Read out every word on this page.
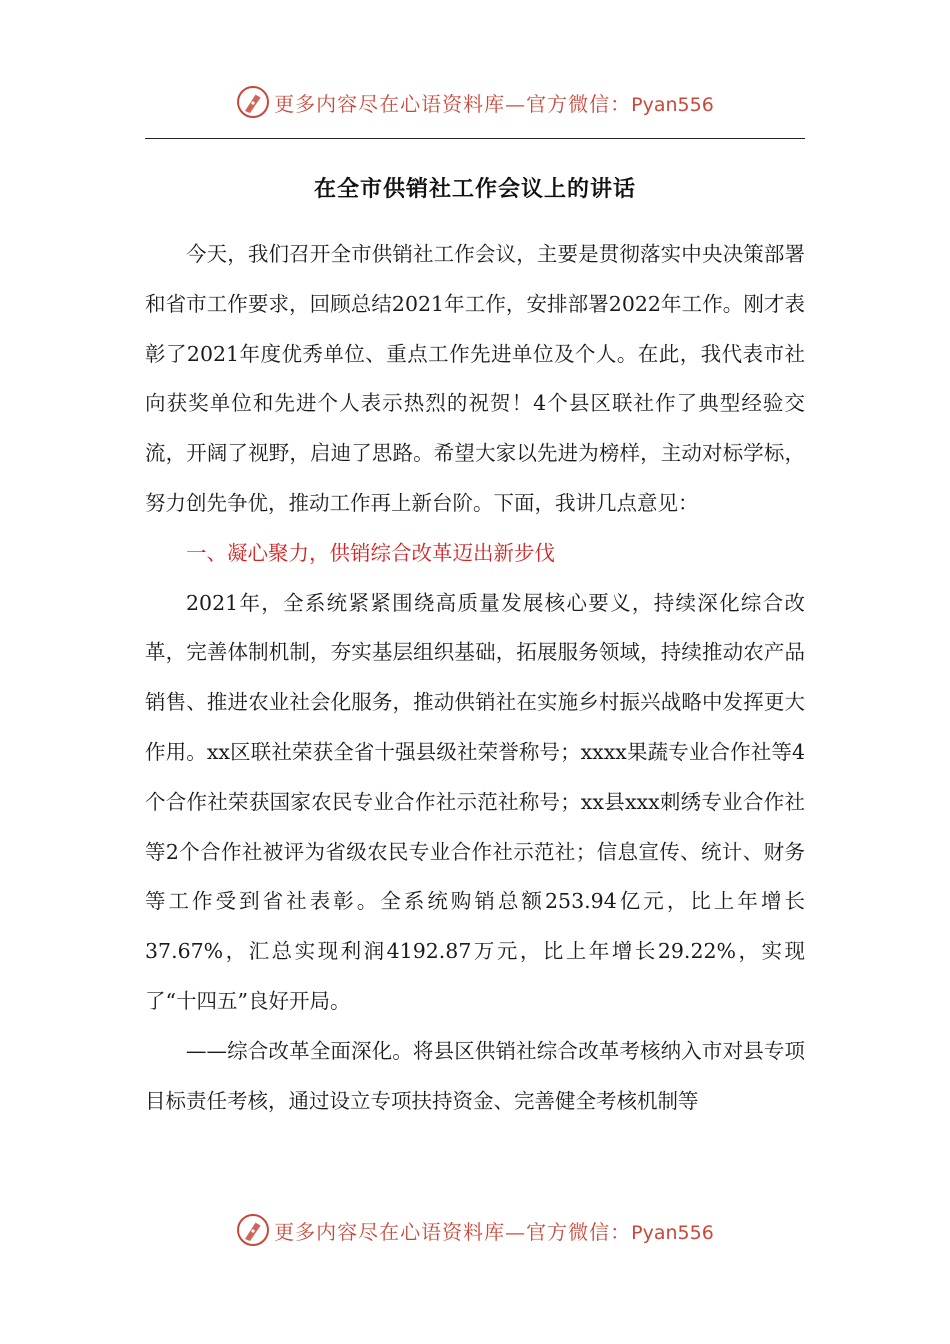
更多内容尽在心语资料库—官方微信：Pyan556
在全市供销社工作会议上的讲话

今天，我们召开全市供销社工作会议，主要是贯彻落实中央决策部署和省市工作要求，回顾总结2021年工作，安排部署2022年工作。刚才表彰了2021年度优秀单位、重点工作先进单位及个人。在此，我代表市社向获奖单位和先进个人表示热烈的祝贺！4个县区联社作了典型经验交流，开阔了视野，启迪了思路。希望大家以先进为榜样，主动对标学标，努力创先争优，推动工作再上新台阶。下面，我讲几点意见：

一、凝心聚力，供销综合改革迈出新步伐

2021年，全系统紧紧围绕高质量发展核心要义，持续深化综合改革，完善体制机制，夯实基层组织基础，拓展服务领域，持续推动农产品销售、推进农业社会化服务，推动供销社在实施乡村振兴战略中发挥更大作用。xx区联社荣获全省十强县级社荣誉称号；xxxx果蔬专业合作社等4个合作社荣获国家农民专业合作社示范社称号；xx县xxx刺绣专业合作社等2个合作社被评为省级农民专业合作社示范社；信息宣传、统计、财务等工作受到省社表彰。全系统购销总额253.94亿元，比上年增长37.67%，汇总实现利润4192.87万元，比上年增长29.22%，实现了“十四五”良好开局。

——综合改革全面深化。将县区供销社综合改革考核纳入市对县专项目标责任考核，通过设立专项扶持资金、完善健全考核机制等

更多内容尽在心语资料库—官方微信：Pyan556
